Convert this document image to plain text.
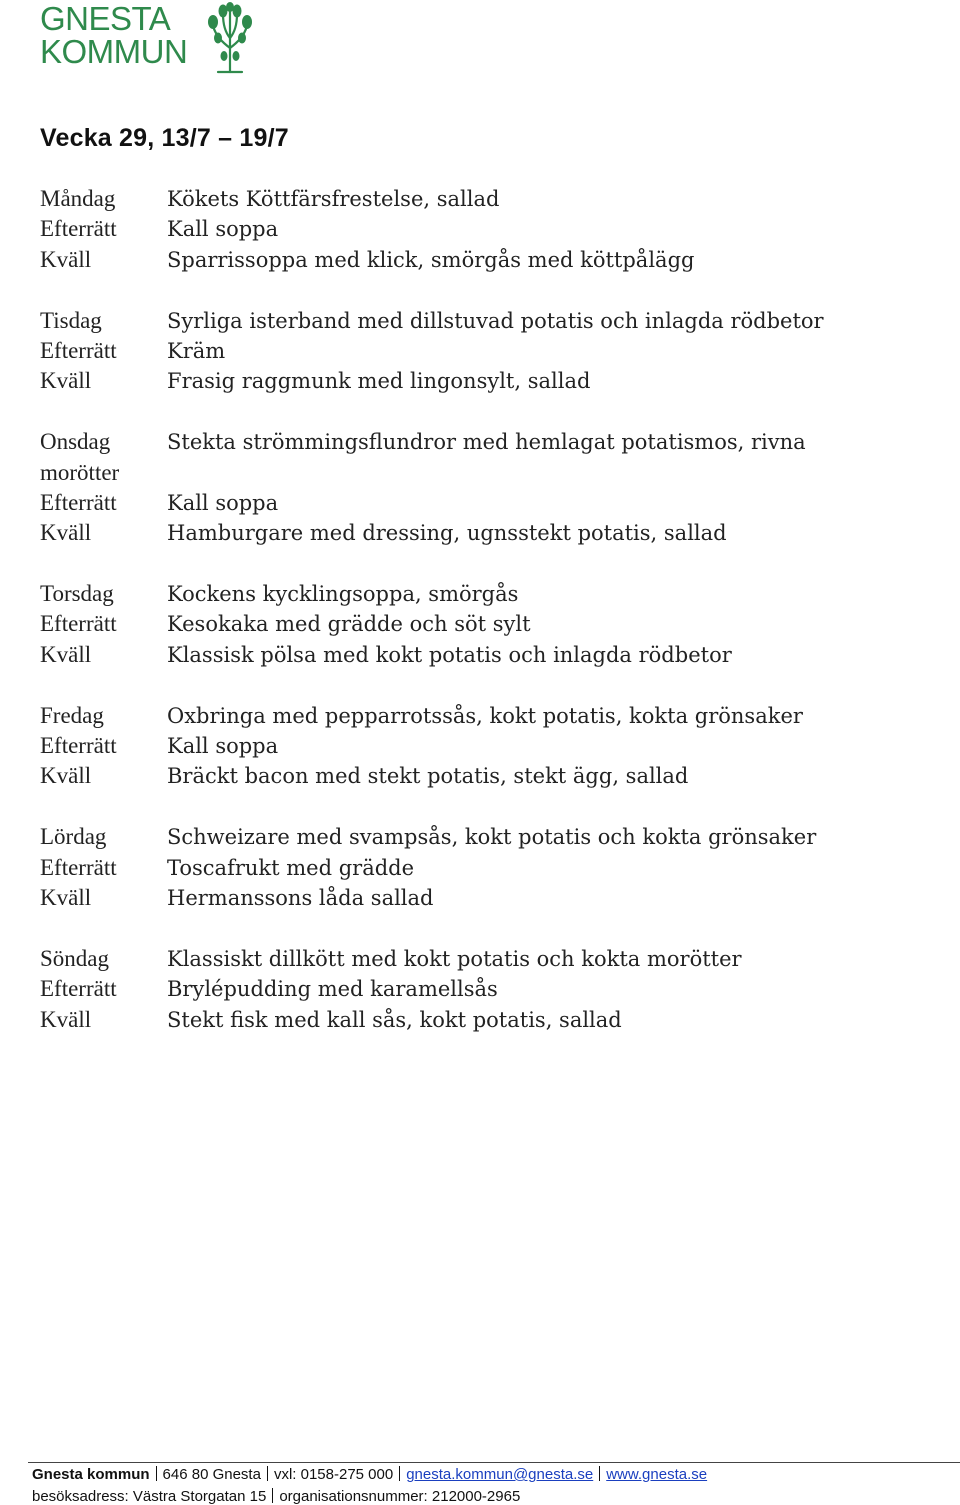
GNESTA
KOMMUN
Vecka 29, 13/7 – 19/7
Måndag	Kökets Köttfärsfrestelse, sallad
Efterrätt	Kall soppa
Kväll	Sparrissoppa med klick, smörgås med köttpålägg
Tisdag	Syrliga isterband med dillstuvad potatis och inlagda rödbetor
Efterrätt	Kräm
Kväll	Frasig raggmunk med lingonsylt, sallad
Onsdag	Stekta strömmingsflundror med hemlagat potatismos, rivna
morötter
Efterrätt	Kall soppa
Kväll	Hamburgare med dressing, ugnsstekt potatis, sallad
Torsdag	Kockens kycklingsoppa, smörgås
Efterrätt	Kesokaka med grädde och söt sylt
Kväll	Klassisk pölsa med kokt potatis och inlagda rödbetor
Fredag	Oxbringa med pepparrotssås, kokt potatis, kokta grönsaker
Efterrätt	Kall soppa
Kväll	Bräckt bacon med stekt potatis, stekt ägg, sallad
Lördag	Schweizare med svampsås, kokt potatis och kokta grönsaker
Efterrätt	Toscafrukt med grädde
Kväll	Hermanssons låda sallad
Söndag	Klassiskt dillkött med kokt potatis och kokta morötter
Efterrätt	Brylépudding med karamellsås
Kväll	Stekt fisk med kall sås, kokt potatis, sallad
Gnesta kommun 646 80 Gnesta vxl: 0158-275 000 gnesta.kommun@gnesta.se www.gnesta.se
besöksadress: Västra Storgatan 15 organisationsnummer: 212000-2965
